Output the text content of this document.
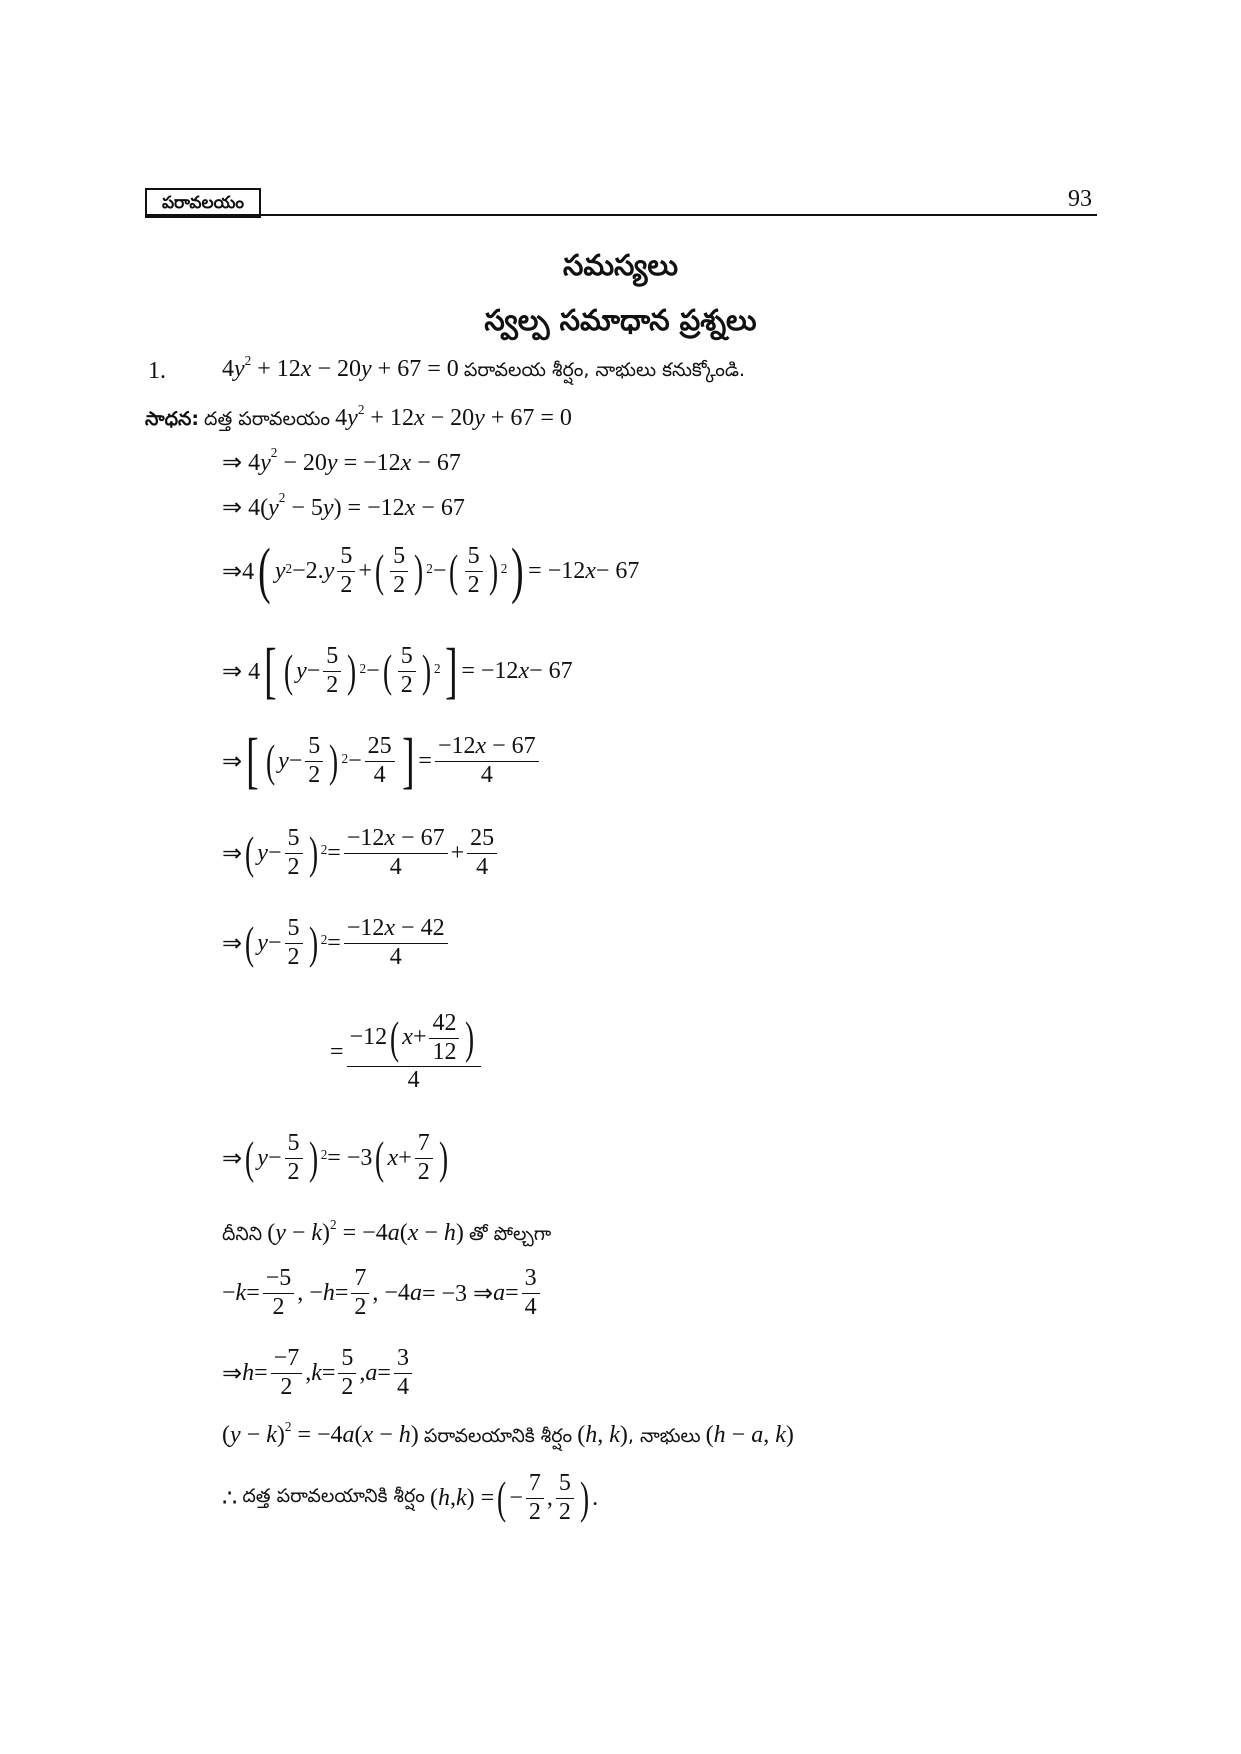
పరావలయం	93
సమస్యలు
స్వల్ప సమాధాన ప్రశ్నలు
1. $4y^2 + 12x - 20y + 67 = 0$ పరావలయ శీర్షం, నాభులు కనుక్కోండి.
సాధన: దత్త పరావలయం $4y^2 + 12x - 20y + 67 = 0$
⇒ $4y^2 - 20y = -12x - 67$
⇒ $4(y^2 - 5y) = -12x - 67$
⇒4 ( $y^2 -2$. y $\frac{5}{2}$ + ( $\frac{5}{2} )^2$ − ( $\frac{5}{2} )^2$ ) = −12 x − 67
⇒ 4 [ ( $y - \frac{5}{2} )^2$ − ( $\frac{5}{2} )^2$ ] = −12 x − 67
⇒ [ ( $y - \frac{5}{2} )^2 - \frac{25}{4}$ ] = $\frac{-12x - 67}{4}$
⇒ ( $y - \frac{5}{2} )^2 = \frac{-12x - 67}{4} + \frac{25}{4}$
⇒ ( $y - \frac{5}{2} )^2 = \frac{-12x - 42}{4}$
= $\frac{-12 ( x + \frac{42}{12} )}{4}$
⇒ ( $y - \frac{5}{2} )^2 = -3$ ( $x + \frac{7}{2}$ )
దీనిని $(y - k)^2 = -4a(x - h)$ తో పోల్చగా
− $k = \frac{-5}{2}$ , − $h = \frac{7}{2}$ , −4 a = −3 ⇒ $a = \frac{3}{4}$
⇒ $h = \frac{-7}{2}$ , $k = \frac{5}{2}$ , $a = \frac{3}{4}$
$(y - k)^2 = -4a(x - h)$ పరావలయానికి శీర్షం (h, k), నాభులు (h − a, k)
∴
దత్త పరావలయానికి శీర్షం
( h , k ) = ( − $\frac{7}{2}$ , $\frac{5}{2}$ ) .
